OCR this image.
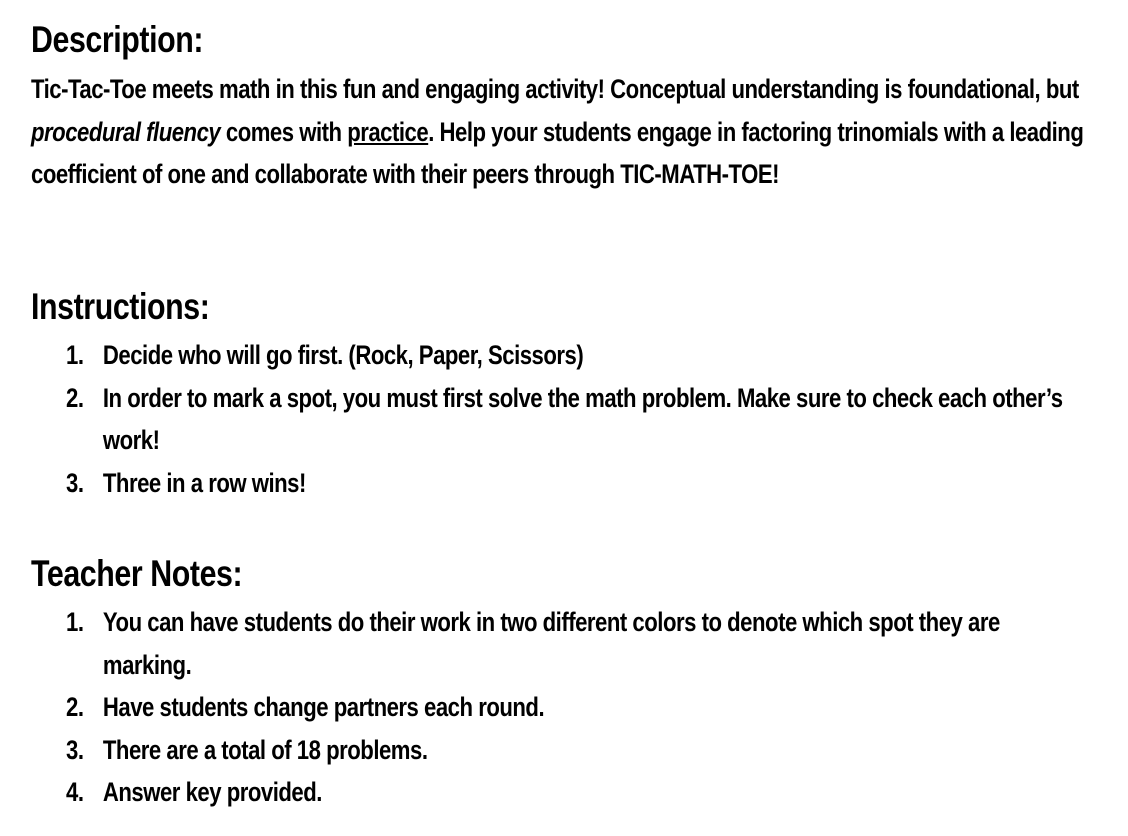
Description:

Tic-Tac-Toe meets math in this fun and engaging activity! Conceptual understanding is foundational, but procedural fluency comes with practice. Help your students engage in factoring trinomials with a leading coefficient of one and collaborate with their peers through TIC-MATH-TOE!

Instructions:
1. Decide who will go first. (Rock, Paper, Scissors)
2. In order to mark a spot, you must first solve the math problem. Make sure to check each other’s work!
3. Three in a row wins!
Teacher Notes:
1. You can have students do their work in two different colors to denote which spot they are marking.
2. Have students change partners each round.
3. There are a total of 18 problems.
4. Answer key provided.
